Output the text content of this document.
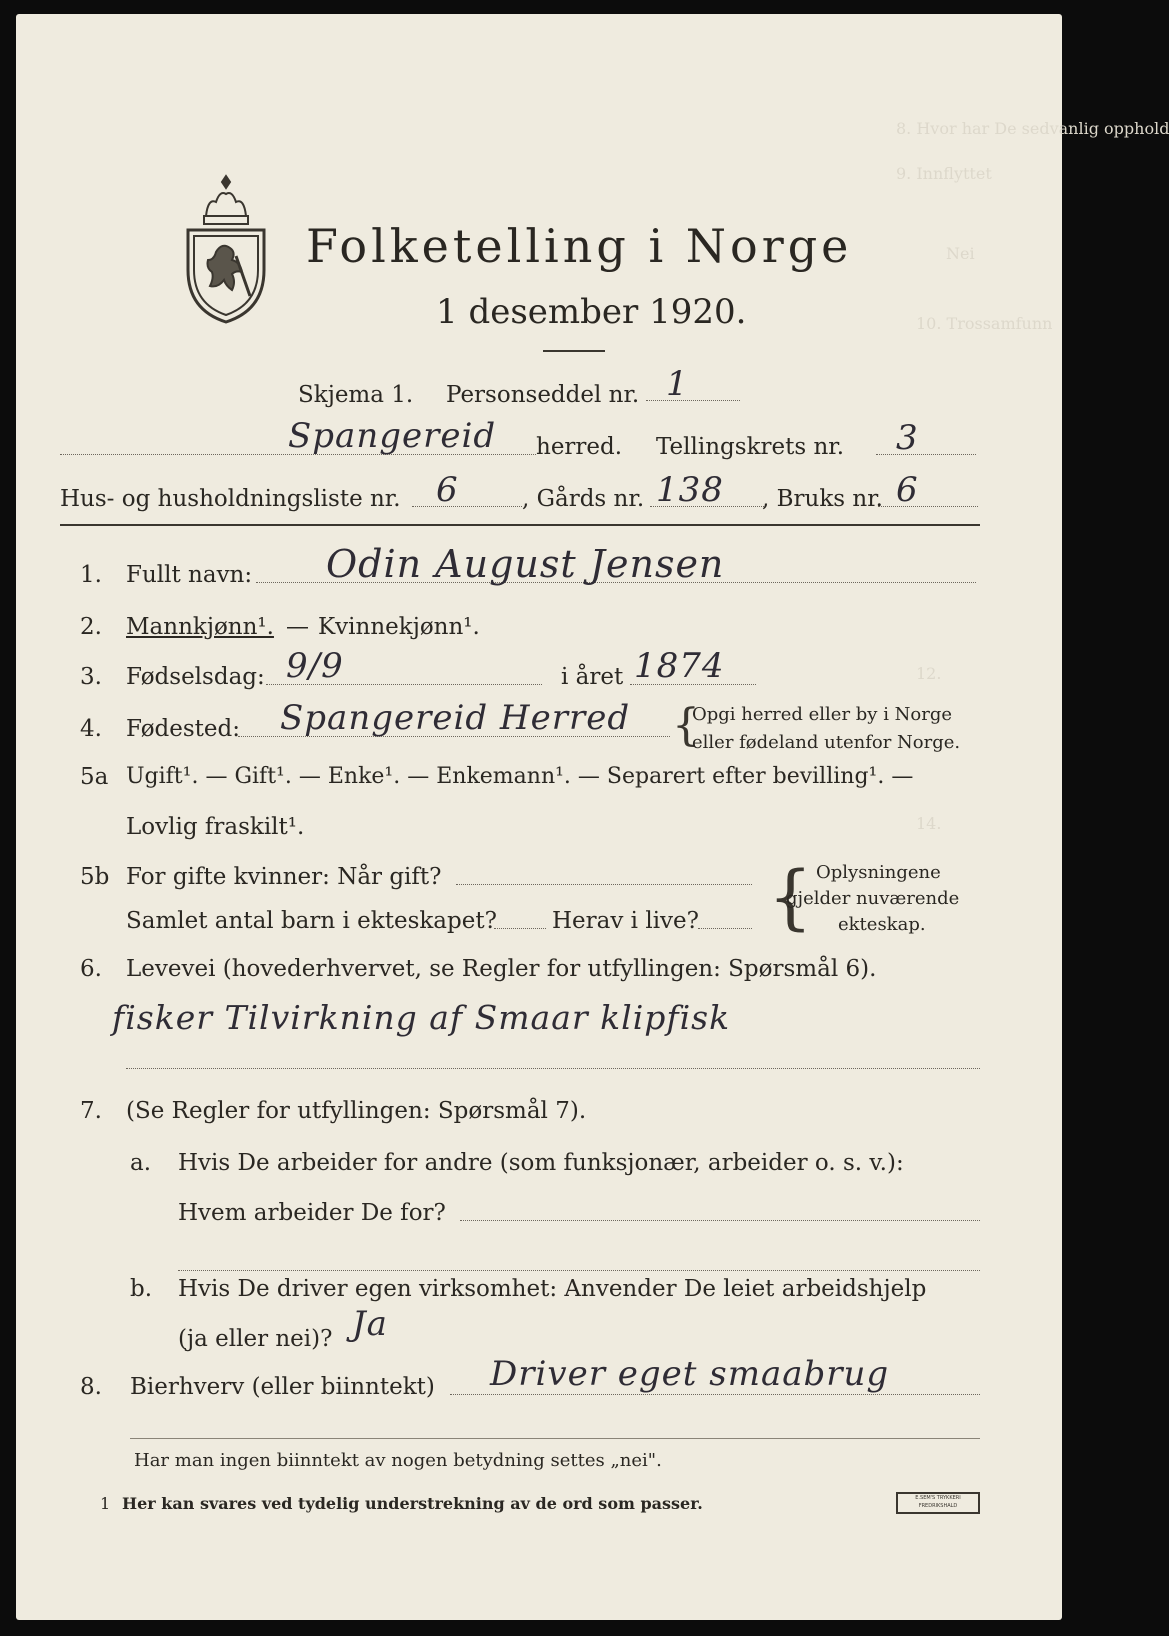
8. Hvor har De sedvanlig opphold
9. Innflyttet
Nei
10. Trossamfunn
12.
14.
Folketelling i Norge
1 desember 1920.
Skjema 1. Personseddel nr. 1
Spangereid herred. Tellingskrets nr. 3
Hus- og husholdningsliste nr. 6	, Gårds nr. 138 , Bruks nr. 6
1. Fullt navn: Odin August Jensen
2. Mannkjønn¹. — Kvinnekjønn¹.
3. Fødselsdag: 9/9	i året 1874
4. Fødested: Spangereid Herred {
Opgi herred eller by i Norge
eller fødeland utenfor Norge.
5a Ugift¹. — Gift¹. — Enke¹. — Enkemann¹. — Separert efter bevilling¹. —
Lovlig fraskilt¹.
5b For gifte kvinner: Når gift?
Samlet antal barn i ekteskapet? Herav i live? { Oplysningene
gjelder nuværende
ekteskap.
6. Levevei (hovederhvervet, se Regler for utfyllingen: Spørsmål 6).
fisker Tilvirkning af Smaar klipfisk
7. (Se Regler for utfyllingen: Spørsmål 7).
a. Hvis De arbeider for andre (som funksjonær, arbeider o. s. v.):
Hvem arbeider De for?
b. Hvis De driver egen virksomhet: Anvender De leiet arbeidshjelp
(ja eller nei)? Ja
8. Bierhverv (eller biinntekt) Driver eget smaabrug
Har man ingen biinntekt av nogen betydning settes „nei".
1 Her kan svares ved tydelig understrekning av de ord som passer.	E.SEM'S TRYKKERI FREDRIKSHALD
